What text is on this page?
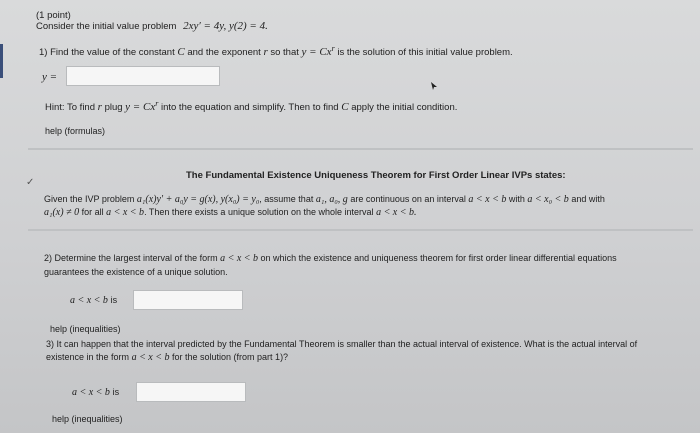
(1 point)
Consider the initial value problem 2xy′ = 4y, y(2) = 4.
1) Find the value of the constant C and the exponent r so that $y = Cx^r$ is the solution of this initial value problem.
y =
Hint: To find r plug $y = Cx^r$ into the equation and simplify. Then to find C apply the initial condition.
help (formulas)
The Fundamental Existence Uniqueness Theorem for First Order Linear IVPs states:
✓
Given the IVP problem a₁(x)y′ + a₀y = g(x), y(x₀) = y₀, assume that a₁, a₀, g are continuous on an interval a < x < b with a < x₀ < b and with
a₁(x) ≠ 0 for all a < x < b. Then there exists a unique solution on the whole interval a < x < b.
2) Determine the largest interval of the form a < x < b on which the existence and uniqueness theorem for first order linear differential equations
guarantees the existence of a unique solution.
a < x < b is
help (inequalities)
3) It can happen that the interval predicted by the Fundamental Theorem is smaller than the actual interval of existence. What is the actual interval of
existence in the form a < x < b for the solution (from part 1)?
a < x < b is
help (inequalities)
